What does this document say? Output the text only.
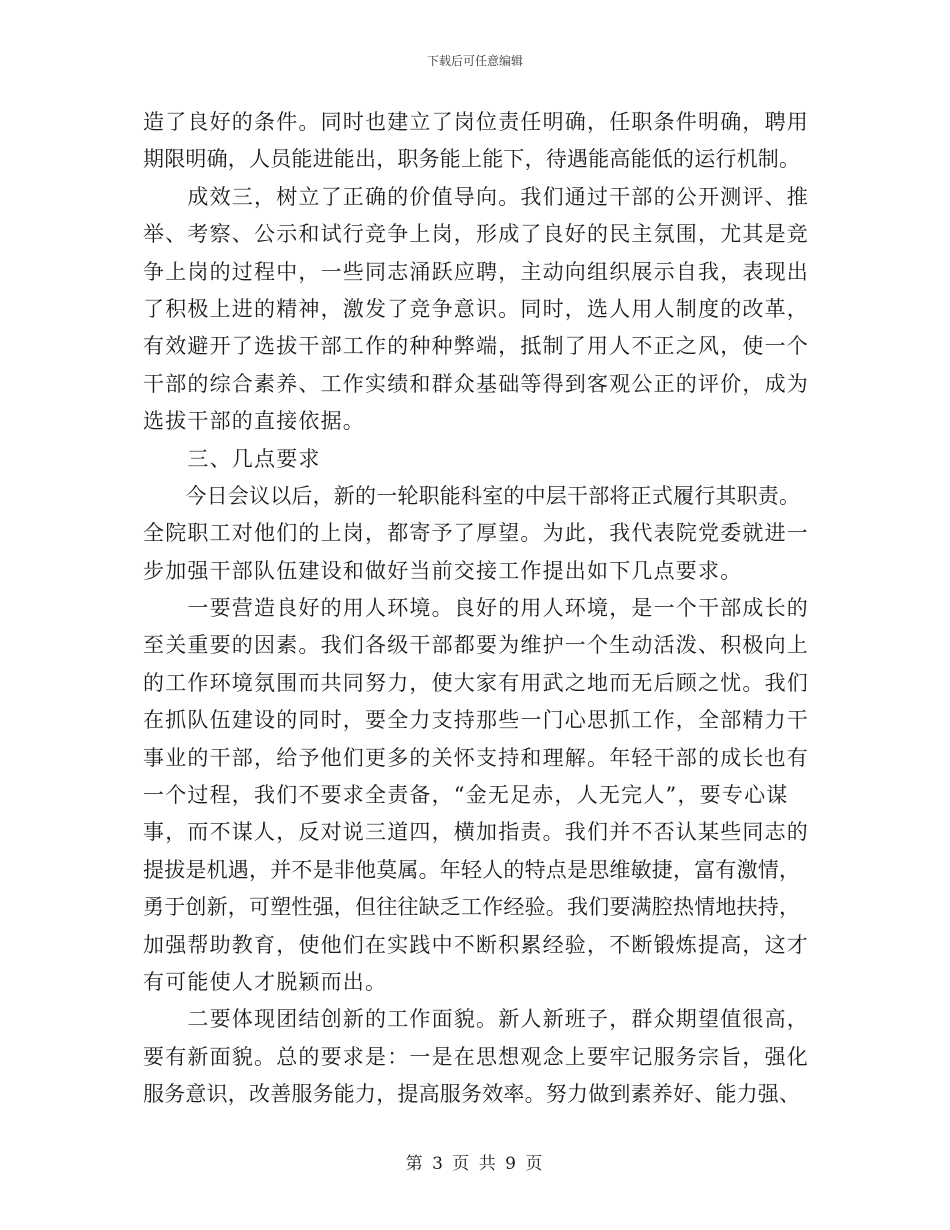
下载后可任意编辑
造了良好的条件。同时也建立了岗位责任明确，任职条件明确，聘用
期限明确，人员能进能出，职务能上能下，待遇能高能低的运行机制。
　　成效三，树立了正确的价值导向。我们通过干部的公开测评、推
举、考察、公示和试行竞争上岗，形成了良好的民主氛围，尤其是竞
争上岗的过程中，一些同志涌跃应聘，主动向组织展示自我，表现出
了积极上进的精神，激发了竞争意识。同时，选人用人制度的改革，
有效避开了选拔干部工作的种种弊端，抵制了用人不正之风，使一个
干部的综合素养、工作实绩和群众基础等得到客观公正的评价，成为
选拔干部的直接依据。
　　三、几点要求
　　今日会议以后，新的一轮职能科室的中层干部将正式履行其职责。
全院职工对他们的上岗，都寄予了厚望。为此，我代表院党委就进一
步加强干部队伍建设和做好当前交接工作提出如下几点要求。
　　一要营造良好的用人环境。良好的用人环境，是一个干部成长的
至关重要的因素。我们各级干部都要为维护一个生动活泼、积极向上
的工作环境氛围而共同努力，使大家有用武之地而无后顾之忧。我们
在抓队伍建设的同时，要全力支持那些一门心思抓工作，全部精力干
事业的干部，给予他们更多的关怀支持和理解。年轻干部的成长也有
一个过程，我们不要求全责备，“金无足赤，人无完人”，要专心谋
事，而不谋人，反对说三道四，横加指责。我们并不否认某些同志的
提拔是机遇，并不是非他莫属。年轻人的特点是思维敏捷，富有激情，
勇于创新，可塑性强，但往往缺乏工作经验。我们要满腔热情地扶持，
加强帮助教育，使他们在实践中不断积累经验，不断锻炼提高，这才
有可能使人才脱颖而出。
　　二要体现团结创新的工作面貌。新人新班子，群众期望值很高，
要有新面貌。总的要求是：一是在思想观念上要牢记服务宗旨，强化
服务意识，改善服务能力，提高服务效率。努力做到素养好、能力强、
第 3 页 共 9 页
